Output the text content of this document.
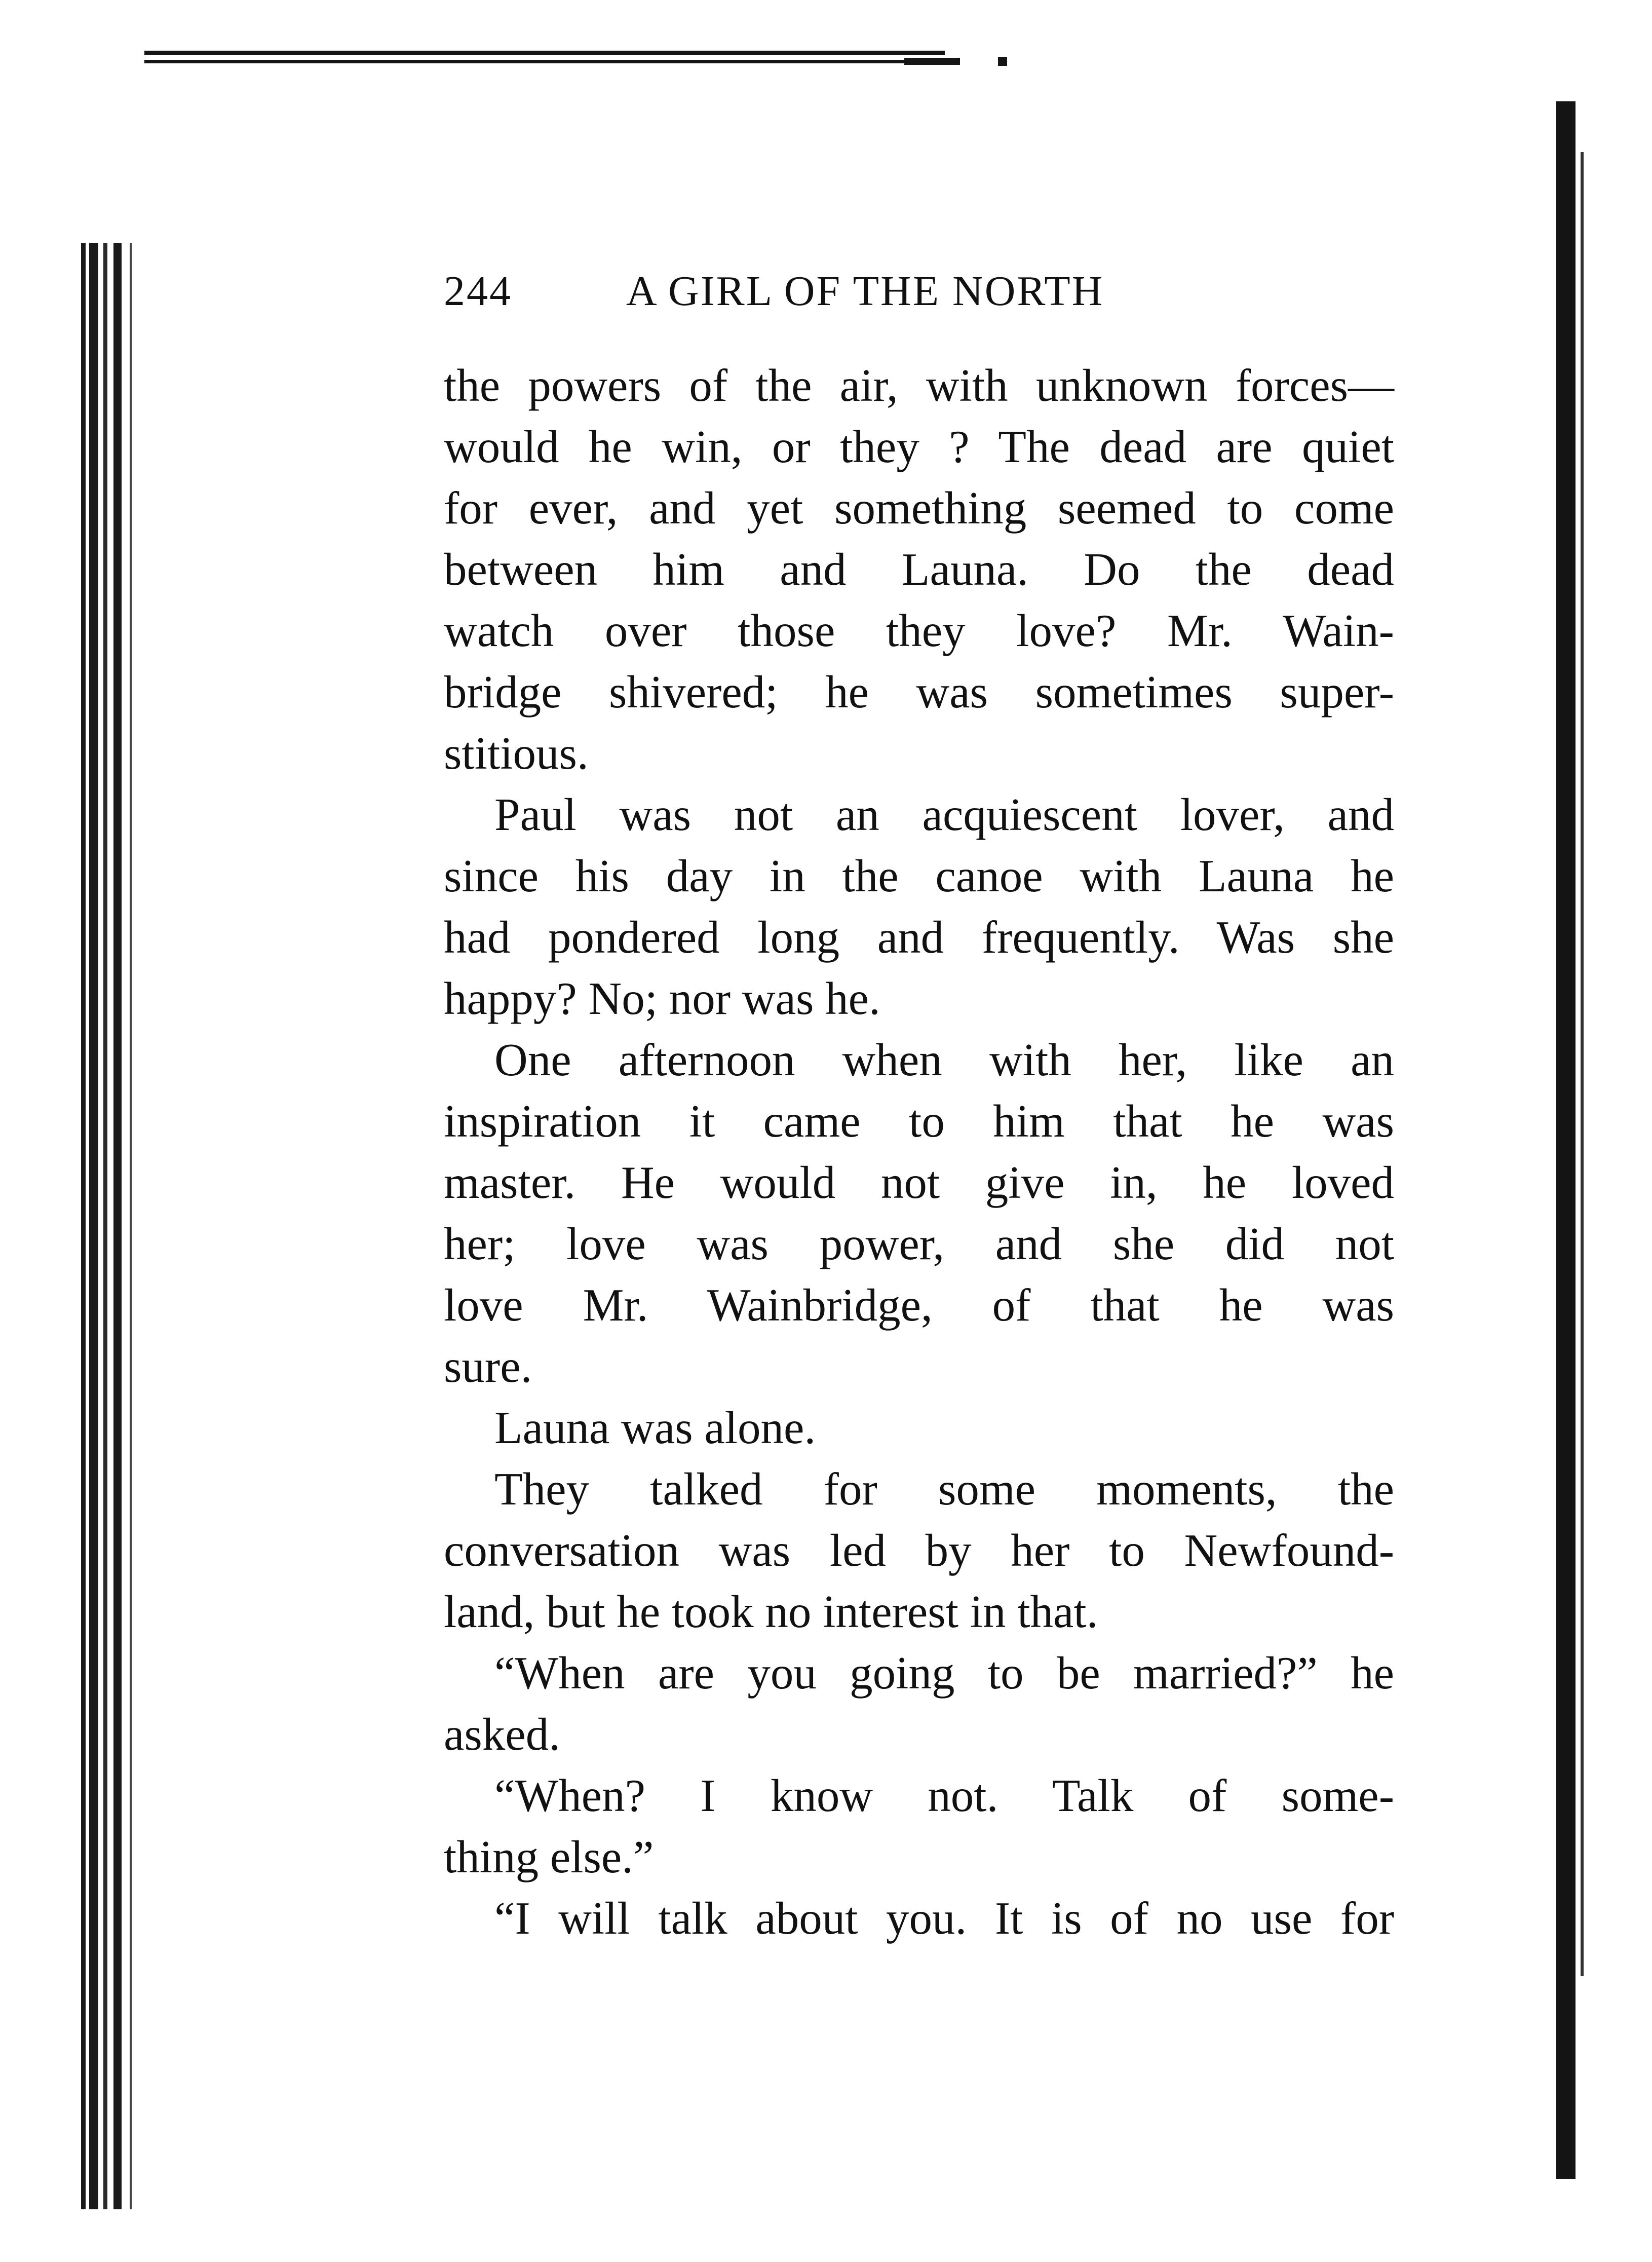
244	A GIRL OF THE NORTH
the powers of the air, with unknown forces—
would he win, or they ? The dead are quiet
for ever, and yet something seemed to come
between him and Launa. Do the dead
watch over those they love? Mr. Wain-
bridge shivered; he was sometimes super-
stitious.
Paul was not an acquiescent lover, and
since his day in the canoe with Launa he
had pondered long and frequently. Was she
happy? No; nor was he.
One afternoon when with her, like an
inspiration it came to him that he was
master. He would not give in, he loved
her; love was power, and she did not
love Mr. Wainbridge, of that he was
sure.
Launa was alone.
They talked for some moments, the
conversation was led by her to Newfound-
land, but he took no interest in that.
“When are you going to be married?” he
asked.
“When? I know not. Talk of some-
thing else.”
“I will talk about you. It is of no use for
